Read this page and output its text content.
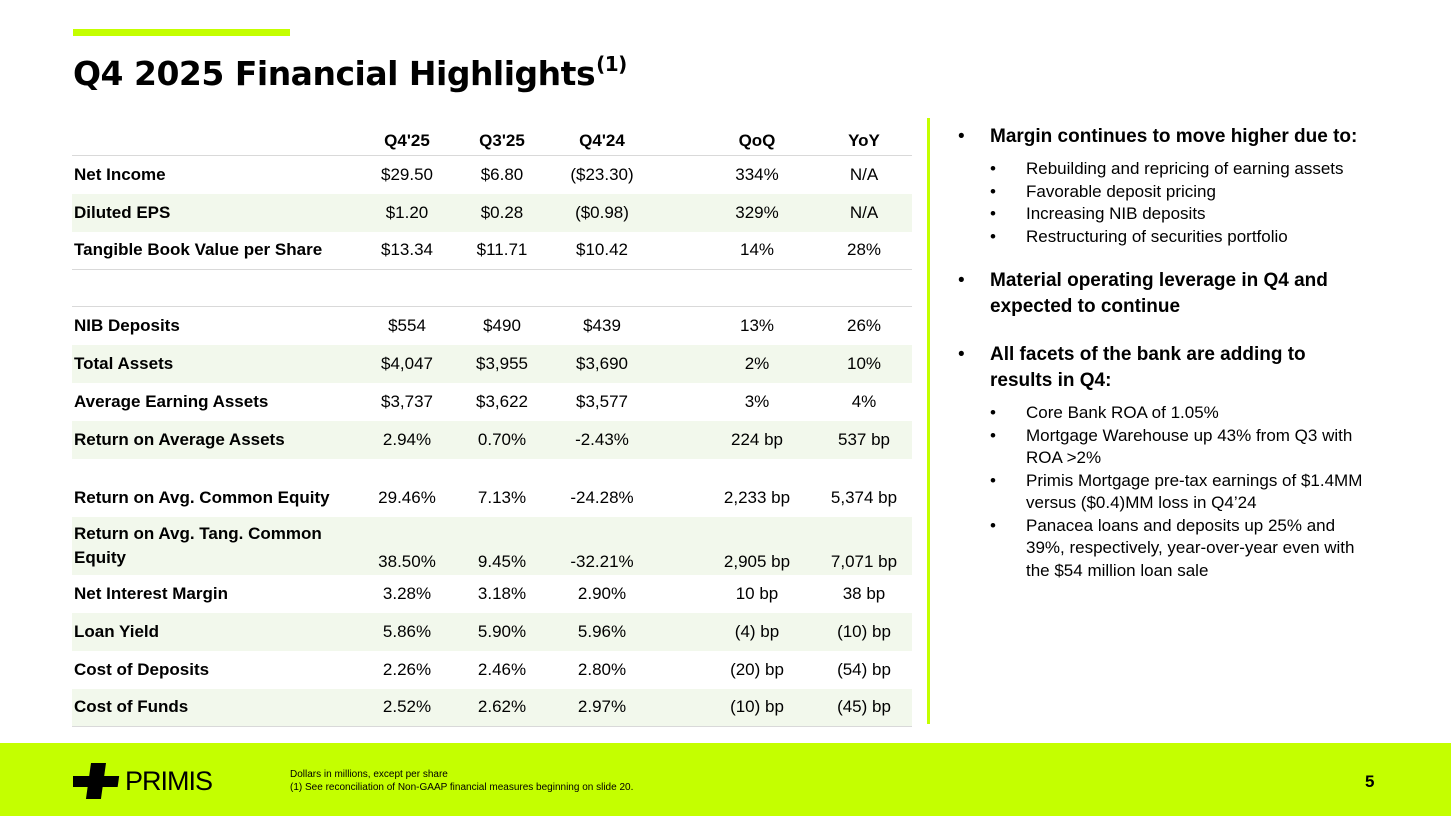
Q4 2025 Financial Highlights$^{(1)}$
	Q4'25	Q3'25	Q4'24		QoQ	YoY
Net Income	$29.50	$6.80	($23.30)		334%	N/A
Diluted EPS	$1.20	$0.28	($0.98)		329%	N/A
Tangible Book Value per Share	$13.34	$11.71	$10.42		14%	28%

NIB Deposits	$554	$490	$439		13%	26%
Total Assets	$4,047	$3,955	$3,690		2%	10%
Average Earning Assets	$3,737	$3,622	$3,577		3%	4%
Return on Average Assets	2.94%	0.70%	-2.43%		224 bp	537 bp

Return on Avg. Common Equity	29.46%	7.13%	-24.28%		2,233 bp	5,374 bp
Return on Avg. Tang. Common Equity	38.50%	9.45%	-32.21%		2,905 bp	7,071 bp
Net Interest Margin	3.28%	3.18%	2.90%		10 bp	38 bp
Loan Yield	5.86%	5.90%	5.96%		(4) bp	(10) bp
Cost of Deposits	2.26%	2.46%	2.80%		(20) bp	(54) bp
Cost of Funds	2.52%	2.62%	2.97%		(10) bp	(45) bp
•	Margin continues to move higher due to:
•	Rebuilding and repricing of earning assets
•	Favorable deposit pricing
•	Increasing NIB deposits
•	Restructuring of securities portfolio
•	Material operating leverage in Q4 and expected to continue
•	All facets of the bank are adding to results in Q4:
•	Core Bank ROA of 1.05%
•	Mortgage Warehouse up 43% from Q3 with ROA >2%
•	Primis Mortgage pre-tax earnings of $1.4MM versus ($0.4)MM loss in Q4’24
•	Panacea loans and deposits up 25% and 39%, respectively, year-over-year even with the $54 million loan sale
PRIMIS	Dollars in millions, except per share
(1) See reconciliation of Non-GAAP financial measures beginning on slide 20.	5
